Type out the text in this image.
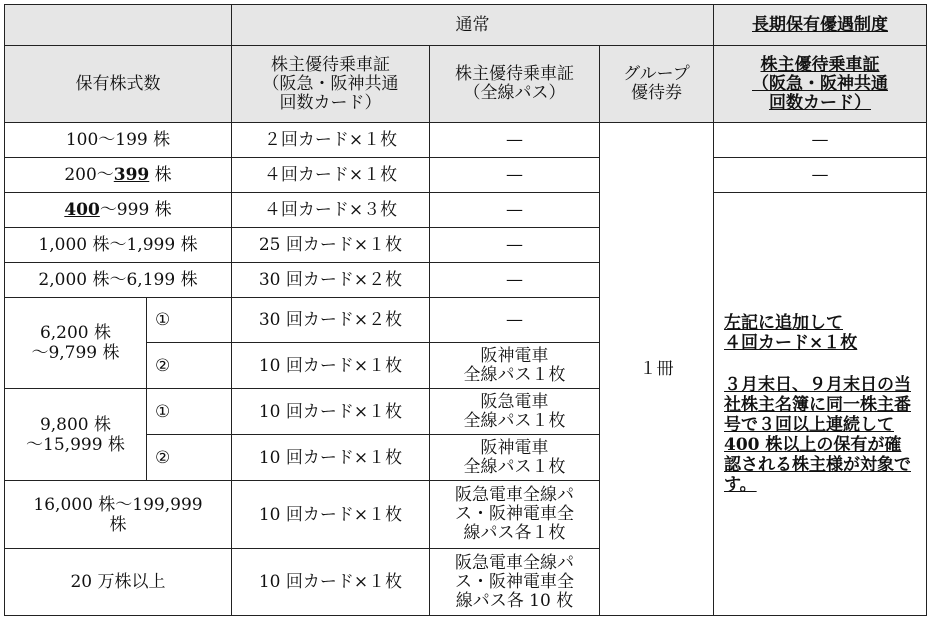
		通常			長期保有優遇制度
保有株式数		株主優待乗車証
（阪急・阪神共通
回数カード）	株主優待乗車証
（全線パス）	グループ
優待券	株主優待乗車証
（阪急・阪神共通
回数カード）
100〜199 株		２回カード×１枚	—	１冊	—
200〜399 株		４回カード×１枚	—		—
400〜999 株		４回カード×３枚	—		左記に追加して

４回カード×１枚

３月末日、９月末日の当社株主名簿に同一株主番号で３回以上連続して 400 株以上の保有が確認される株主様が対象です。

1,000 株〜1,999 株		25 回カード×１枚	—		
2,000 株〜6,199 株		30 回カード×２枚	—		
6,200 株
〜9,799 株	①	30 回カード×２枚	—		
	②	10 回カード×１枚	阪神電車
全線パス１枚		
9,800 株
〜15,999 株	①	10 回カード×１枚	阪急電車
全線パス１枚		
	②	10 回カード×１枚	阪神電車
全線パス１枚		
16,000 株〜199,999
株		10 回カード×１枚	阪急電車全線パ
ス・阪神電車全
線パス各１枚		
20 万株以上		10 回カード×１枚	阪急電車全線パ
ス・阪神電車全
線パス各 10 枚		
